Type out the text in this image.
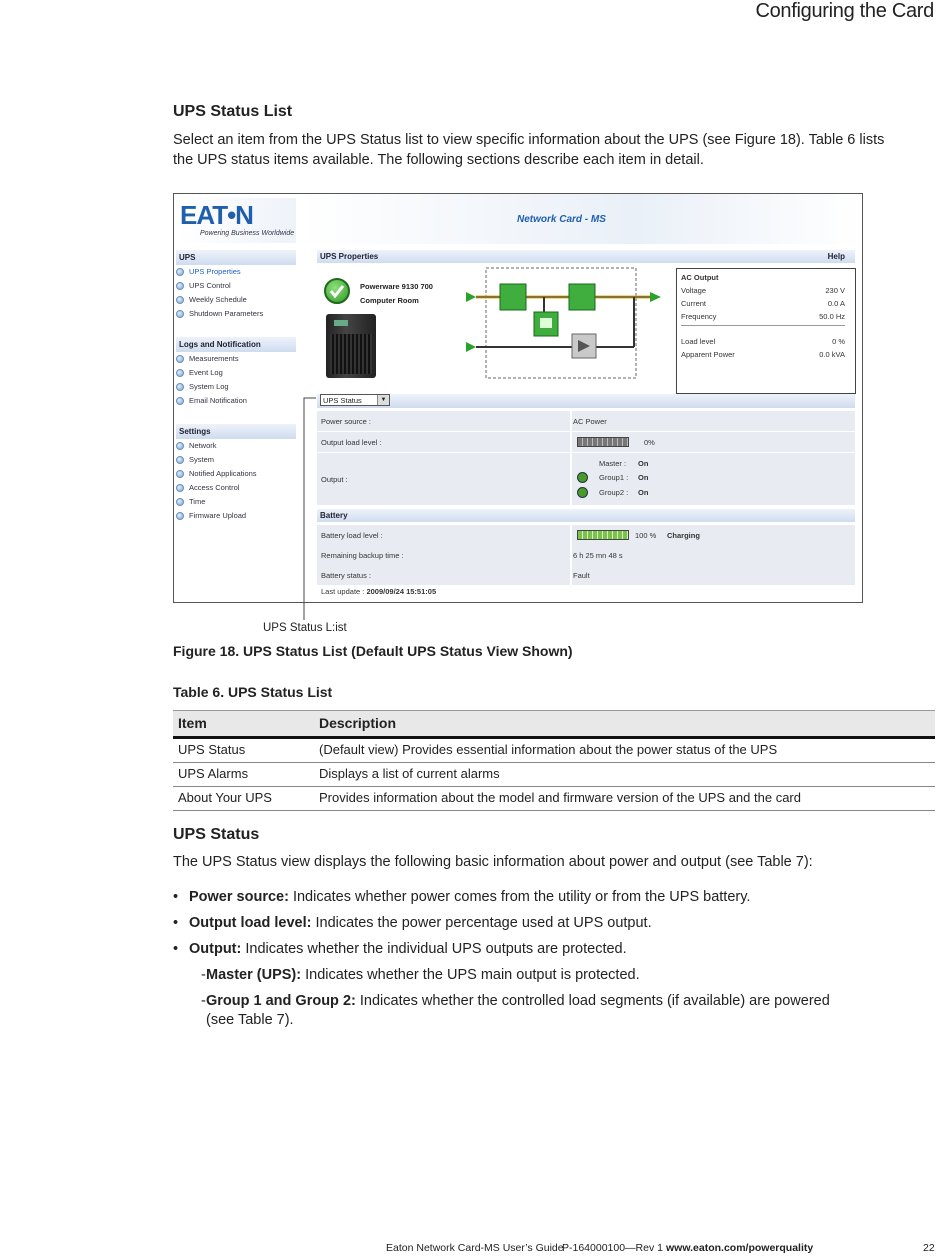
Configuring the Card
UPS Status List
Select an item from the UPS Status list to view specific information about the UPS (see Figure 18). Table 6 lists
the UPS status items available. The following sections describe each item in detail.
EAT•N
Powering Business Worldwide
Network Card - MS
UPS
UPS Properties
UPS Control
Weekly Schedule
Shutdown Parameters
Logs and Notification
Measurements
Event Log
System Log
Email Notification
Settings
Network
System
Notified Applications
Access Control
Time
Firmware Upload
UPS Properties	Help
Powerware 9130 700
Computer Room
AC Output
Voltage	230 V
Current	0.0 A
Frequency	50.0 Hz
Load level	0 %
Apparent Power	0.0 kVA
UPS Status	▼
Power source :	AC Power
Output load level :	0%
Output :
Master : On
Group1 : On
Group2 : On
Battery
Battery load level :	100 % Charging
Remaining backup time :	6 h 25 mn 48 s
Battery status :	Fault
Last update : 2009/09/24 15:51:05
UPS Status L:ist
Figure 18. UPS Status List (Default UPS Status View Shown)
Table 6. UPS Status List
Item	Description
UPS Status	(Default view) Provides essential information about the power status of the UPS
UPS Alarms	Displays a list of current alarms
About Your UPS	Provides information about the model and firmware version of the UPS and the card
UPS Status
The UPS Status view displays the following basic information about power and output (see Table 7):
• Power source: Indicates whether power comes from the utility or from the UPS battery.
• Output load level: Indicates the power percentage used at UPS output.
• Output: Indicates whether the individual UPS outputs are protected.
- Master (UPS): Indicates whether the UPS main output is protected.
- Group 1 and Group 2: Indicates whether the controlled load segments (if available) are powered
(see Table 7).
Eaton Network Card-MS User’s Guide
P-164000100—Rev 1 www.eaton.com/powerquality	22
